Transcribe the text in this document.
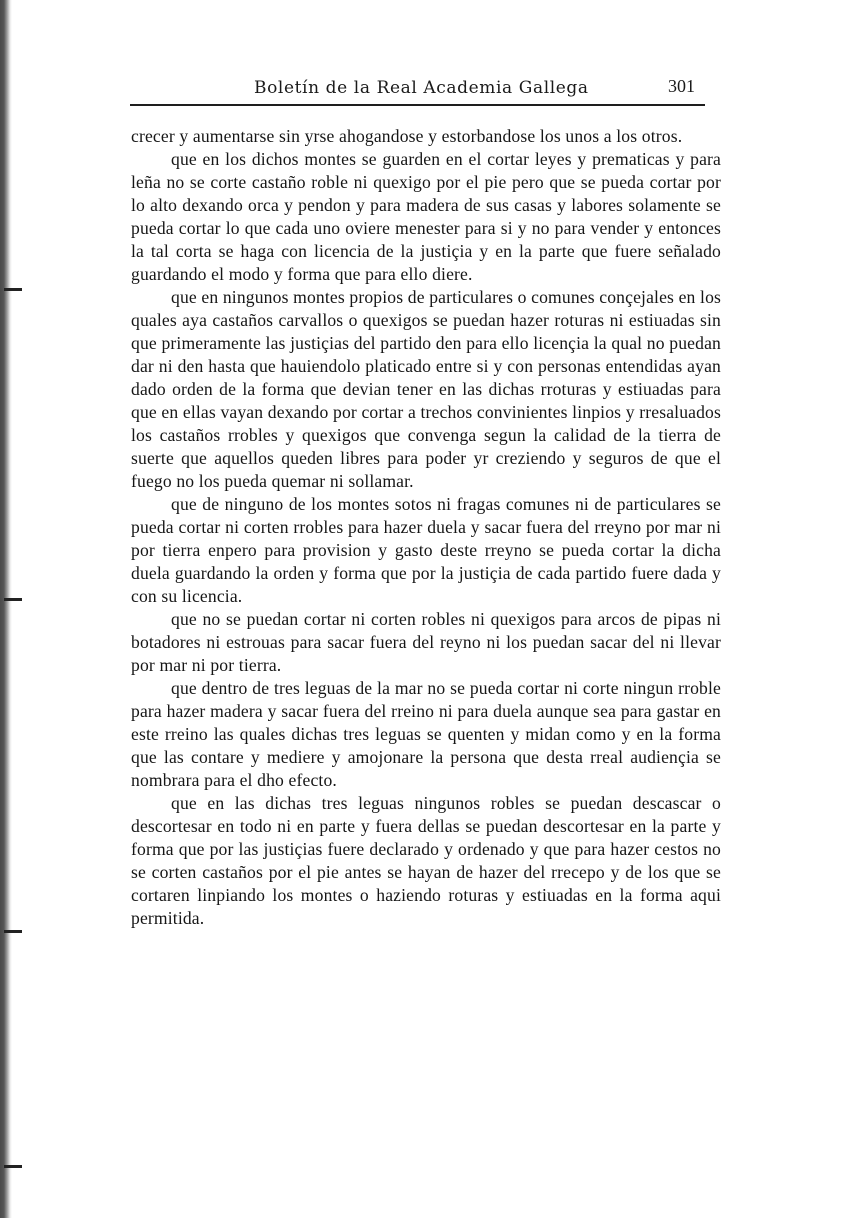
Boletín de la Real Academia Gallega	301

crecer y aumentarse sin yrse ahogandose y estorbandose los unos a los otros.

que en los dichos montes se guarden en el cortar leyes y prematicas y para leña no se corte castaño roble ni quexigo por el pie pero que se pueda cortar por lo alto dexando orca y pendon y para madera de sus casas y labores solamente se pueda cortar lo que cada uno oviere menester para si y no para vender y entonces la tal corta se haga con licencia de la justiçia y en la parte que fuere señalado guardando el modo y forma que para ello diere.

que en ningunos montes propios de particulares o comunes conçejales en los quales aya castaños carvallos o quexigos se puedan hazer roturas ni estiuadas sin que primeramente las justiçias del partido den para ello licençia la qual no puedan dar ni den hasta que hauiendolo platicado entre si y con personas entendidas ayan dado orden de la forma que devian tener en las dichas rroturas y estiuadas para que en ellas vayan dexando por cortar a trechos convinientes linpios y rresaluados los castaños rrobles y quexigos que convenga segun la calidad de la tierra de suerte que aquellos queden libres para poder yr creziendo y seguros de que el fuego no los pueda quemar ni sollamar.

que de ninguno de los montes sotos ni fragas comunes ni de particulares se pueda cortar ni corten rrobles para hazer duela y sacar fuera del rreyno por mar ni por tierra enpero para provision y gasto deste rreyno se pueda cortar la dicha duela guardando la orden y forma que por la justiçia de cada partido fuere dada y con su licencia.

que no se puedan cortar ni corten robles ni quexigos para arcos de pipas ni botadores ni estrouas para sacar fuera del reyno ni los puedan sacar del ni llevar por mar ni por tierra.

que dentro de tres leguas de la mar no se pueda cortar ni corte ningun rroble para hazer madera y sacar fuera del rreino ni para duela aunque sea para gastar en este rreino las quales dichas tres leguas se quenten y midan como y en la forma que las contare y mediere y amojonare la persona que desta rreal audiençia se nombrara para el dho efecto.

que en las dichas tres leguas ningunos robles se puedan descascar o descortesar en todo ni en parte y fuera dellas se puedan descortesar en la parte y forma que por las justiçias fuere declarado y ordenado y que para hazer cestos no se corten castaños por el pie antes se hayan de hazer del rrecepo y de los que se cortaren linpiando los montes o haziendo roturas y estiuadas en la forma aqui permitida.
